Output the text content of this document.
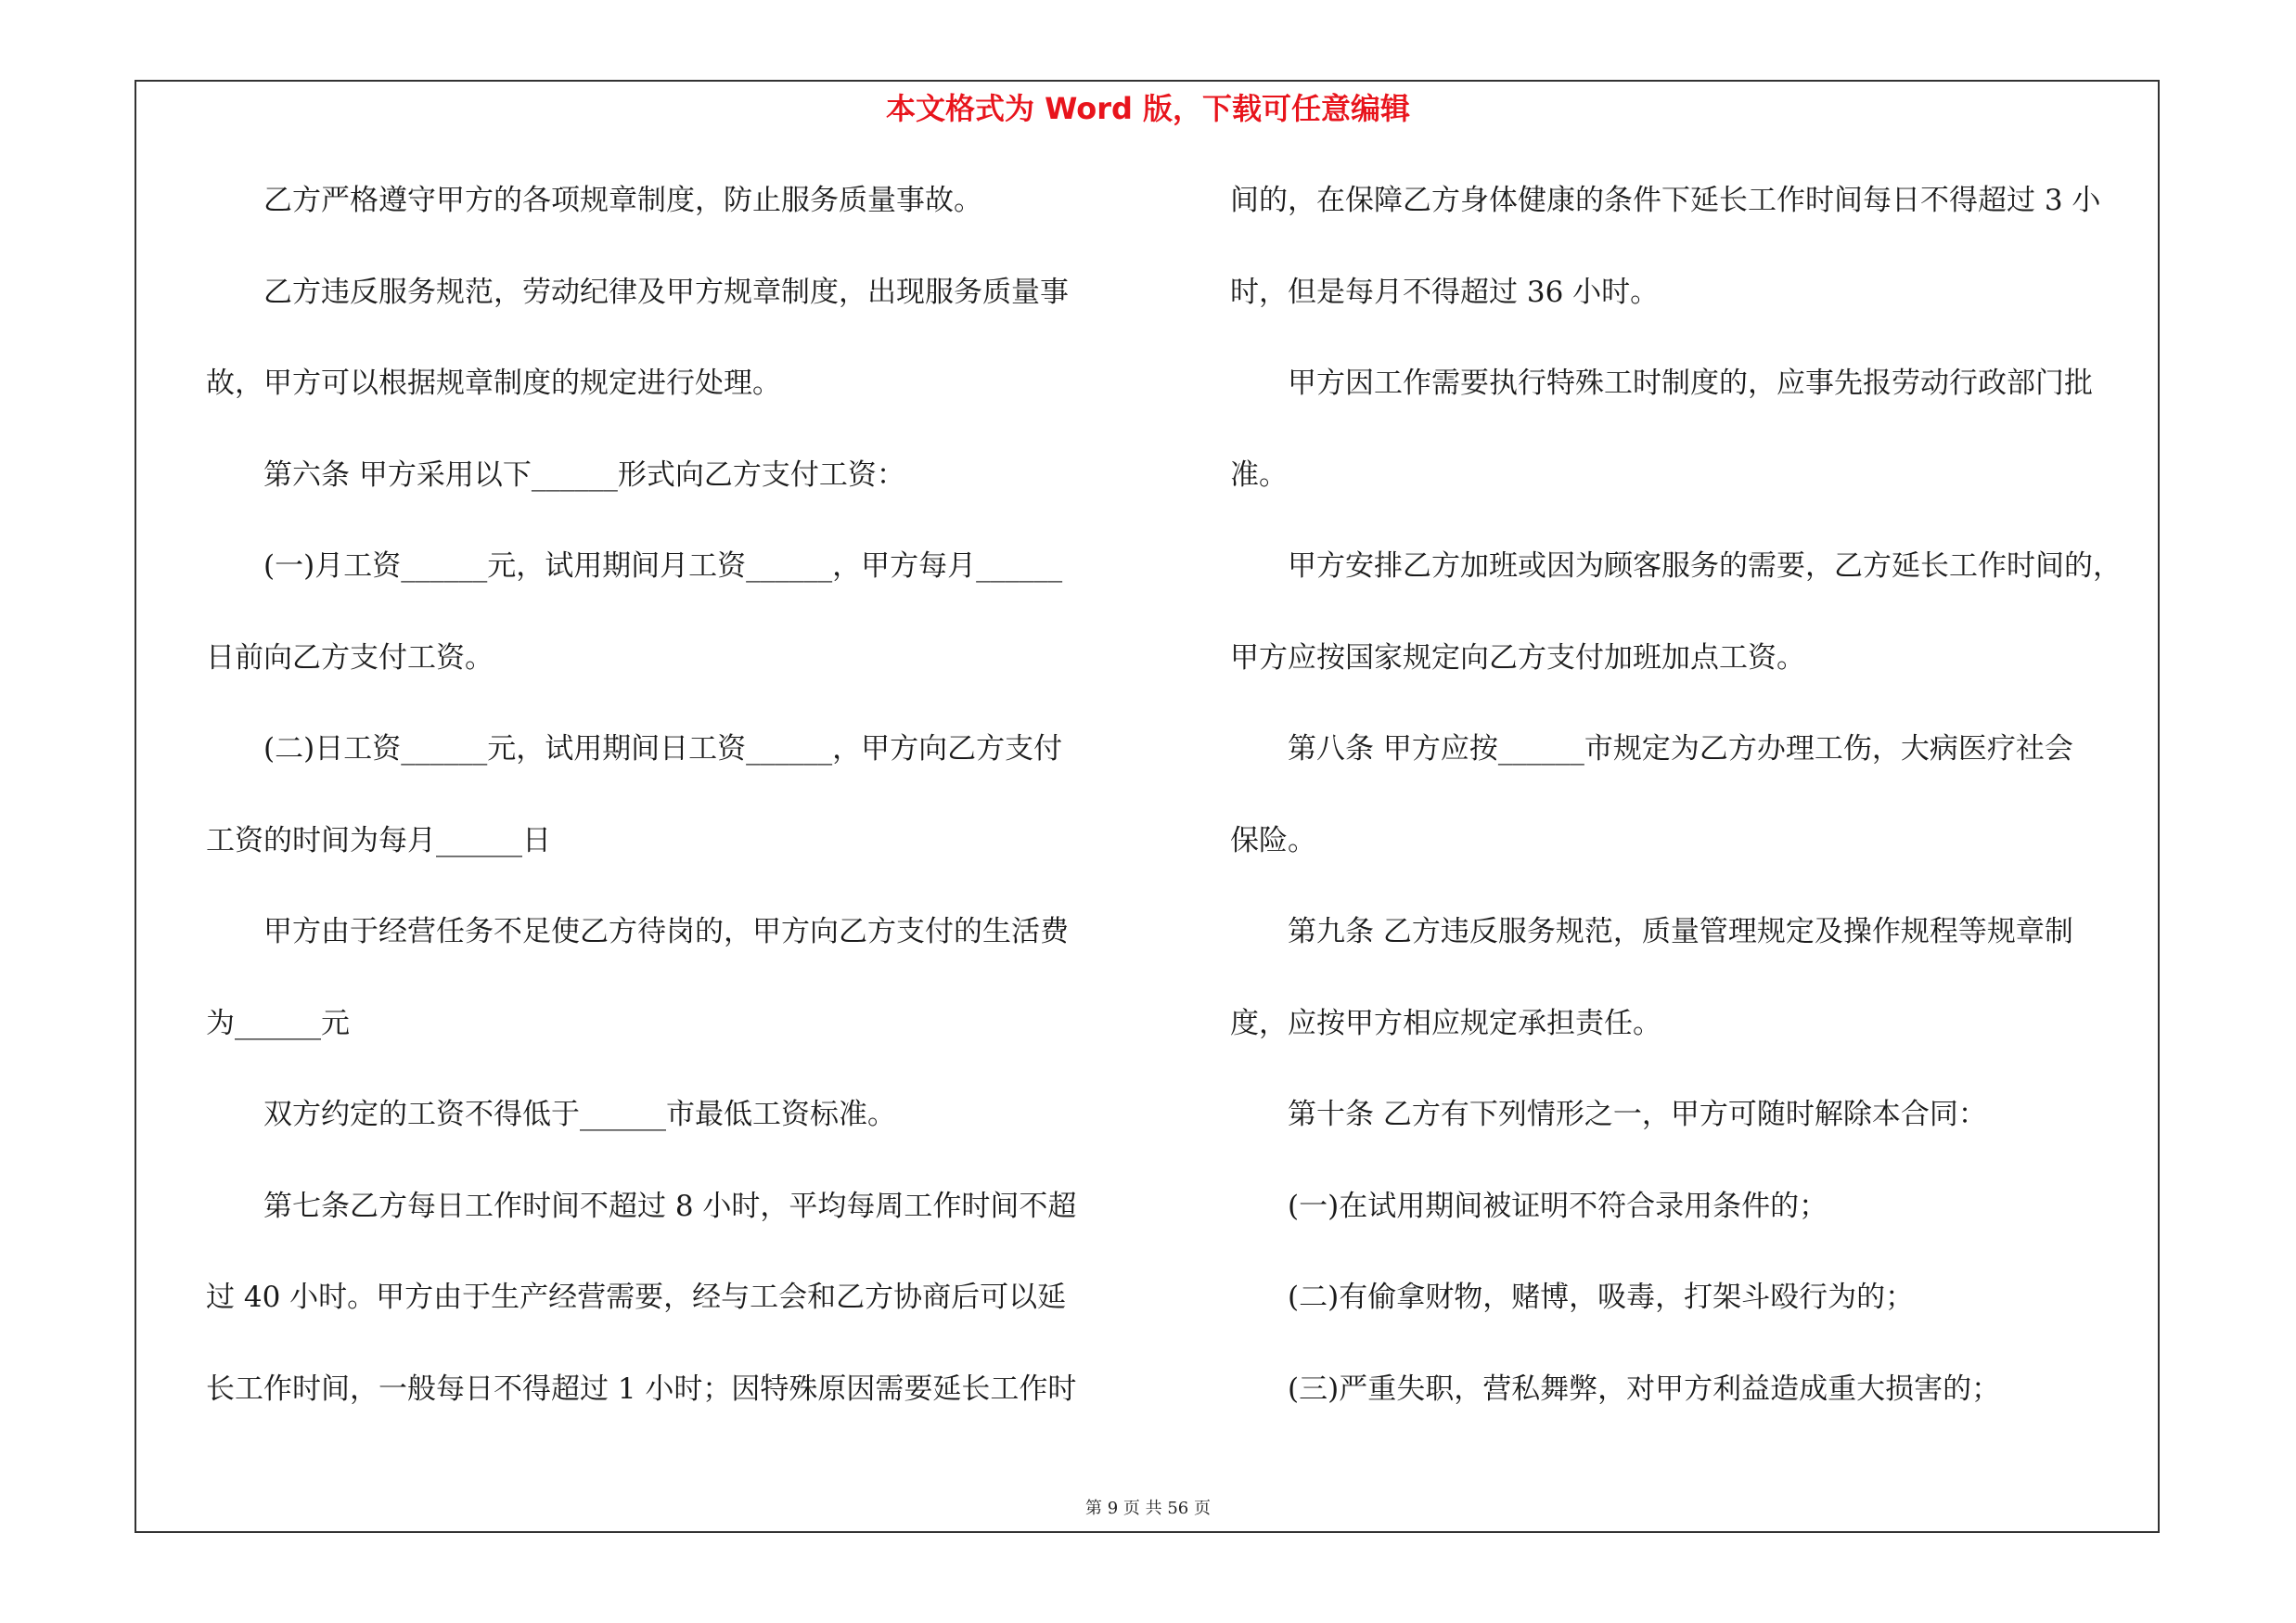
本文格式为 Word 版，下载可任意编辑
　　乙方严格遵守甲方的各项规章制度，防止服务质量事故。
　　乙方违反服务规范，劳动纪律及甲方规章制度，出现服务质量事
故，甲方可以根据规章制度的规定进行处理。
　　第六条 甲方采用以下______形式向乙方支付工资：
　　(一)月工资______元，试用期间月工资______，甲方每月______
日前向乙方支付工资。
　　(二)日工资______元，试用期间日工资______，甲方向乙方支付
工资的时间为每月______日
　　甲方由于经营任务不足使乙方待岗的，甲方向乙方支付的生活费
为______元
　　双方约定的工资不得低于______市最低工资标准。
　　第七条乙方每日工作时间不超过 8 小时，平均每周工作时间不超
过 40 小时。甲方由于生产经营需要，经与工会和乙方协商后可以延
长工作时间，一般每日不得超过 1 小时；因特殊原因需要延长工作时
间的，在保障乙方身体健康的条件下延长工作时间每日不得超过 3 小
时，但是每月不得超过 36 小时。
　　甲方因工作需要执行特殊工时制度的，应事先报劳动行政部门批
准。
　　甲方安排乙方加班或因为顾客服务的需要，乙方延长工作时间的，
甲方应按国家规定向乙方支付加班加点工资。
　　第八条 甲方应按______市规定为乙方办理工伤，大病医疗社会
保险。
　　第九条 乙方违反服务规范，质量管理规定及操作规程等规章制
度，应按甲方相应规定承担责任。
　　第十条 乙方有下列情形之一，甲方可随时解除本合同：
　　(一)在试用期间被证明不符合录用条件的；
　　(二)有偷拿财物，赌博，吸毒，打架斗殴行为的；
　　(三)严重失职，营私舞弊，对甲方利益造成重大损害的；
第 9 页 共 56 页
